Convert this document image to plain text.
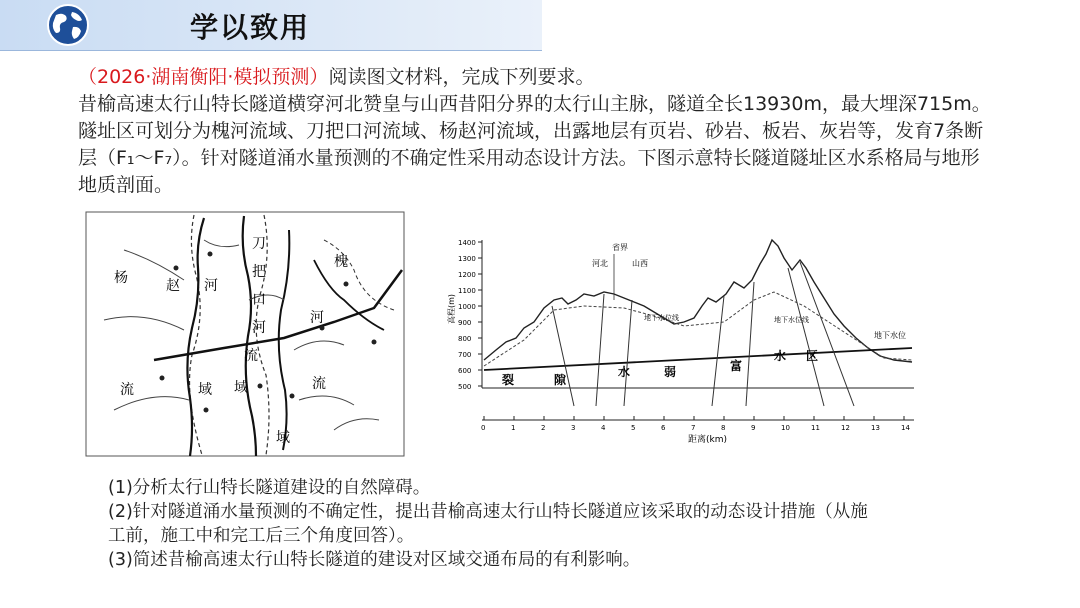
学以致用
（2026·湖南衡阳·模拟预测）阅读图文材料，完成下列要求。
昔榆高速太行山特长隧道横穿河北赞皇与山西昔阳分界的太行山主脉，隧道全长13930m，最大埋深715m。隧址区可划分为槐河流域、刀把口河流域、杨赵河流域，出露地层有页岩、砂岩、板岩、灰岩等，发育7条断层（F₁～F₇）。针对隧道涌水量预测的不确定性采用动态设计方法。下图示意特长隧道隧址区水系格局与地形地质剖面。
杨	赵 河
流	域
刀
把
口
河
流
域
槐
河
流
域
1400
1300
1200
1100
1000
900
800
700
600
500
0	1	2	3	4	5	6	7	8	9	10	11	12	13	14
高程(m)
距离(km)
省界
河北	山西
地下水位线	地下水位线
地下水位
裂	隙
水	弱	富
水 区

(1)分析太行山特长隧道建设的自然障碍。

(2)针对隧道涌水量预测的不确定性，提出昔榆高速太行山特长隧道应该采取的动态设计措施（从施

工前，施工中和完工后三个角度回答）。

(3)简述昔榆高速太行山特长隧道的建设对区域交通布局的有利影响。
